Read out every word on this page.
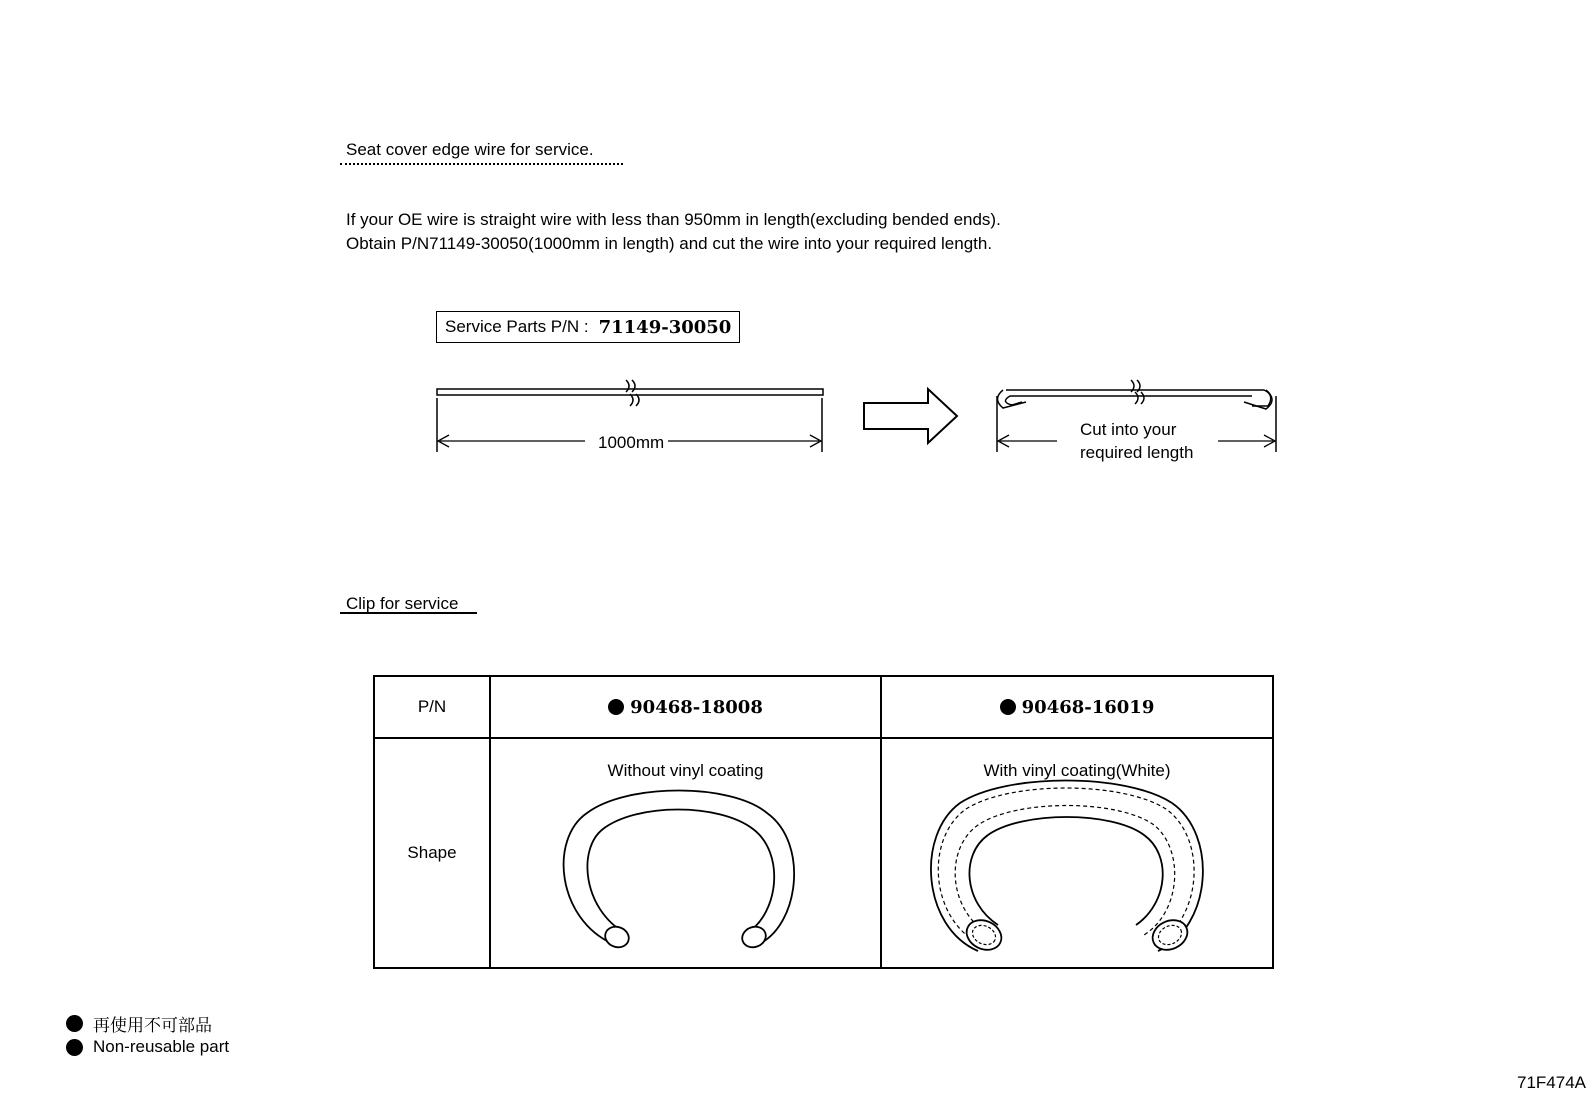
Seat cover edge wire for service.
If your OE wire is straight wire with less than 950mm in length(excluding bended ends).
Obtain P/N71149-30050(1000mm in length) and cut the wire into your required length.
Service Parts P/N : 71149-30050
1000mm
Cut into your
required length
Clip for service
P/N	90468-18008	90468-16019
Shape	Without vinyl coating	With vinyl coating(White)
再使用不可部品
Non-reusable part
71F474A
